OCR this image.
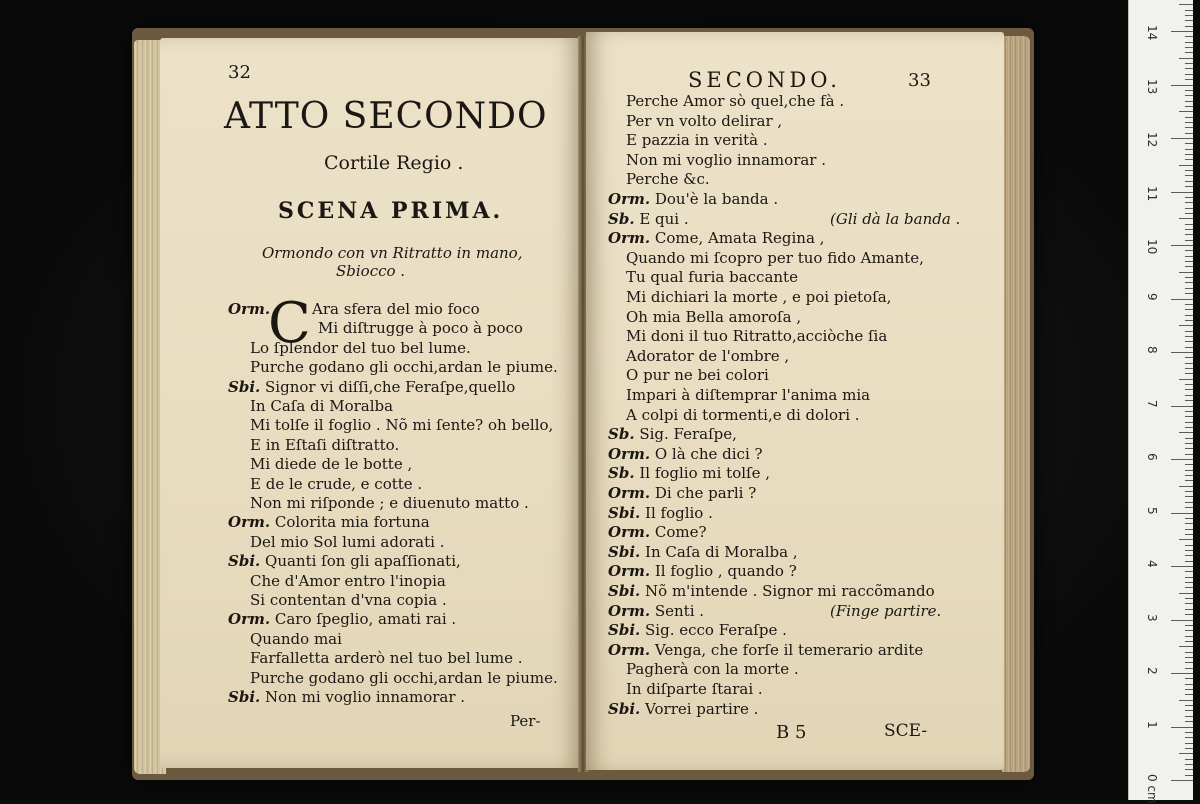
32
ATTO SECONDO
Cortile Regio .
SCENA PRIMA.
Ormondo con vn Ritratto in mano,
Sbiocco .
C
Orm.	Ara sfera del mio foco
Mi diſtrugge à poco à poco
Lo ſplendor del tuo bel lume.
Purche godano gli occhi,ardan le piume.
Sbi. Signor vi diſſi,che Feraſpe,quello
In Caſa di Moralba
Mi tolſe il foglio . Nõ mi ſente? oh bello,
E in Eſtaſi diſtratto.
Mi diede de le botte ,
E de le crude, e cotte .
Non mi riſponde ; e diuenuto matto .
Orm. Colorita mia fortuna
Del mio Sol lumi adorati .
Sbi. Quanti ſon gli apaſſionati,
Che d'Amor entro l'inopia
Si contentan d'vna copia .
Orm. Caro ſpeglio, amati rai .
Quando mai
Farfalletta arderò nel tuo bel lume .
Purche godano gli occhi,ardan le piume.
Sbi. Non mi voglio innamorar .
Per-
SECONDO.	33
Perche Amor sò quel,che fà .
Per vn volto delirar ,
E pazzia in verità .
Non mi voglio innamorar .
Perche &c.
Orm. Dou'è la banda .
Sb. E qui .	(Gli dà la banda .
Orm. Come, Amata Regina ,
Quando mi ſcopro per tuo fido Amante,
Tu qual furia baccante
Mi dichiari la morte , e poi pietoſa,
Oh mia Bella amoroſa ,
Mi doni il tuo Ritratto,acciòche ſia
Adorator de l'ombre ,
O pur ne bei colori
Impari à diſtemprar l'anima mia
A colpi di tormenti,e di dolori .
Sb. Sig. Feraſpe,
Orm. O là che dici ?
Sb. Il foglio mi tolſe ,
Orm. Di che parli ?
Sbi. Il foglio .
Orm. Come?
Sbi. In Caſa di Moralba ,
Orm. Il foglio , quando ?
Sbi. Nõ m'intende . Signor mi raccõmando
Orm. Senti .	(Finge partire.
Sbi. Sig. ecco Feraſpe .
Orm. Venga, che forſe il temerario ardite
Pagherà con la morte .
In diſparte ſtarai .
Sbi. Vorrei partire .
B 5	SCE-
0 cm
1
2
3
4
5
6
7
8
9
10
11
12
13
14
